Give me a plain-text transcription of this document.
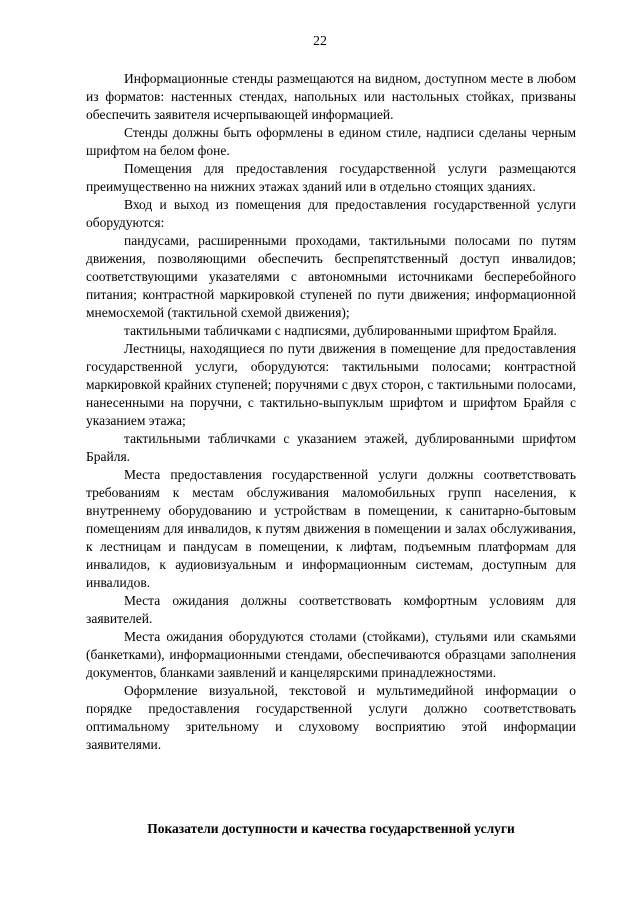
22

Информационные стенды размещаются на видном, доступном месте в любом из форматов: настенных стендах, напольных или настольных стойках, призваны обеспечить заявителя исчерпывающей информацией.

Стенды должны быть оформлены в едином стиле, надписи сделаны черным шрифтом на белом фоне.

Помещения для предоставления государственной услуги размещаются преимущественно на нижних этажах зданий или в отдельно стоящих зданиях.

Вход и выход из помещения для предоставления государственной услуги оборудуются:

пандусами, расширенными проходами, тактильными полосами по путям движения, позволяющими обеспечить беспрепятственный доступ инвалидов; соответствующими указателями с автономными источниками бесперебойного питания; контрастной маркировкой ступеней по пути движения; информационной мнемосхемой (тактильной схемой движения);

тактильными табличками с надписями, дублированными шрифтом Брайля.

Лестницы, находящиеся по пути движения в помещение для предоставления государственной услуги, оборудуются: тактильными полосами; контрастной маркировкой крайних ступеней; поручнями с двух сторон, с тактильными полосами, нанесенными на поручни, с тактильно-выпуклым шрифтом и шрифтом Брайля с указанием этажа;

тактильными табличками с указанием этажей, дублированными шрифтом Брайля.

Места предоставления государственной услуги должны соответствовать требованиям к местам обслуживания маломобильных групп населения, к внутреннему оборудованию и устройствам в помещении, к санитарно-бытовым помещениям для инвалидов, к путям движения в помещении и залах обслуживания, к лестницам и пандусам в помещении, к лифтам, подъемным платформам для инвалидов, к аудиовизуальным и информационным системам, доступным для инвалидов.

Места ожидания должны соответствовать комфортным условиям для заявителей.

Места ожидания оборудуются столами (стойками), стульями или скамьями (банкетками), информационными стендами, обеспечиваются образцами заполнения документов, бланками заявлений и канцелярскими принадлежностями.

Оформление визуальной, текстовой и мультимедийной информации о порядке предоставления государственной услуги должно соответствовать оптимальному зрительному и слуховому восприятию этой информации заявителями.

Показатели доступности и качества государственной услуги
